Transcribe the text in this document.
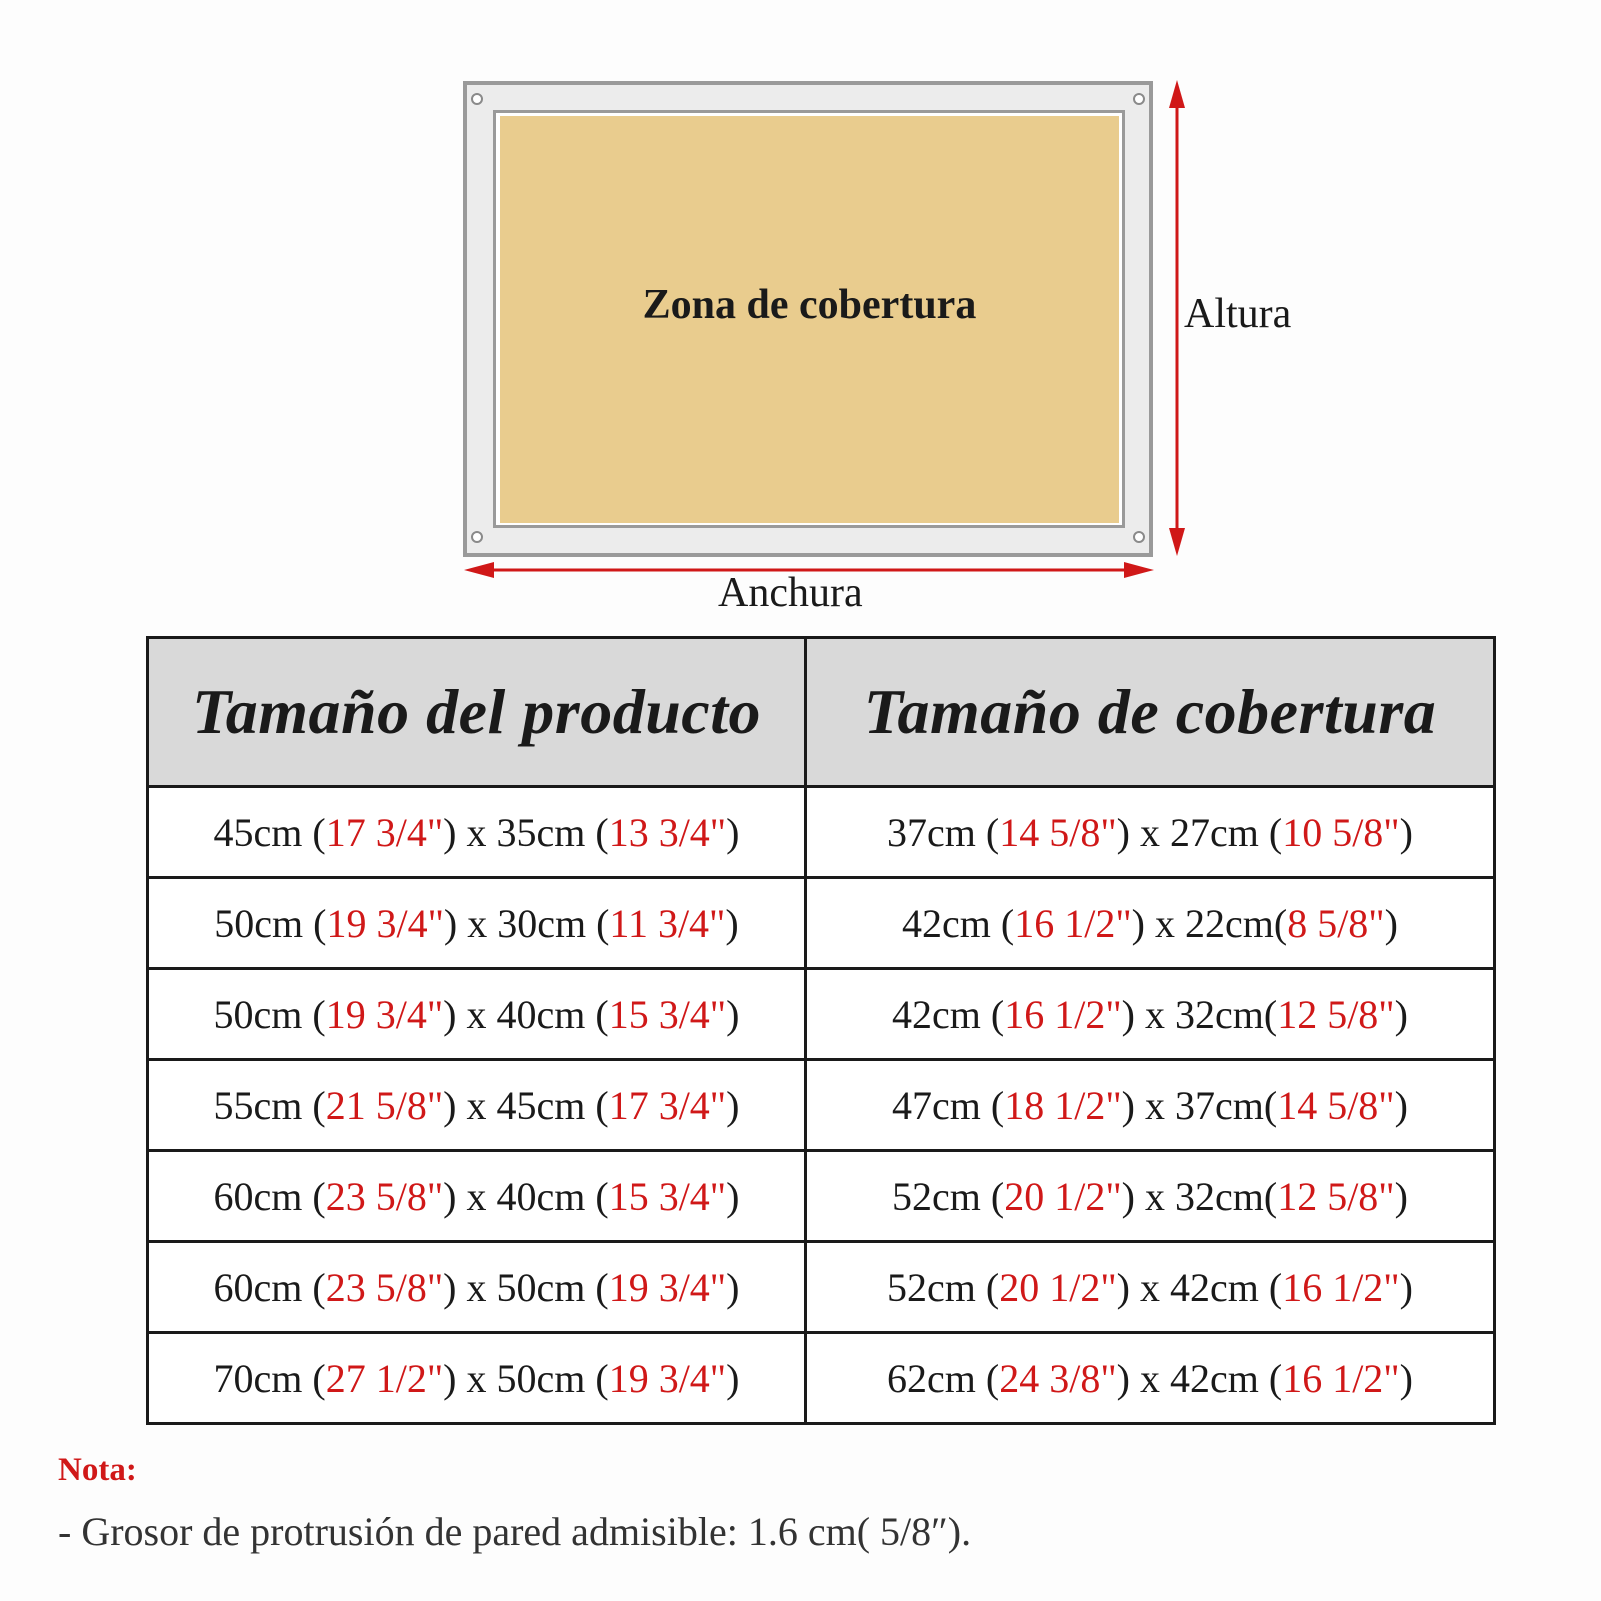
Zona de cobertura	Altura
Anchura
Tamaño del producto	Tamaño de cobertura
45cm (17 3/4") x 35cm (13 3/4")	37cm (14 5/8") x 27cm (10 5/8")
50cm (19 3/4") x 30cm (11 3/4")	42cm (16 1/2") x 22cm(8 5/8")
50cm (19 3/4") x 40cm (15 3/4")	42cm (16 1/2") x 32cm(12 5/8")
55cm (21 5/8") x 45cm (17 3/4")	47cm (18 1/2") x 37cm(14 5/8")
60cm (23 5/8") x 40cm (15 3/4")	52cm (20 1/2") x 32cm(12 5/8")
60cm (23 5/8") x 50cm (19 3/4")	52cm (20 1/2") x 42cm (16 1/2")
70cm (27 1/2") x 50cm (19 3/4")	62cm (24 3/8") x 42cm (16 1/2")
Nota:
- Grosor de protrusión de pared admisible: 1.6 cm( 5/8″).
